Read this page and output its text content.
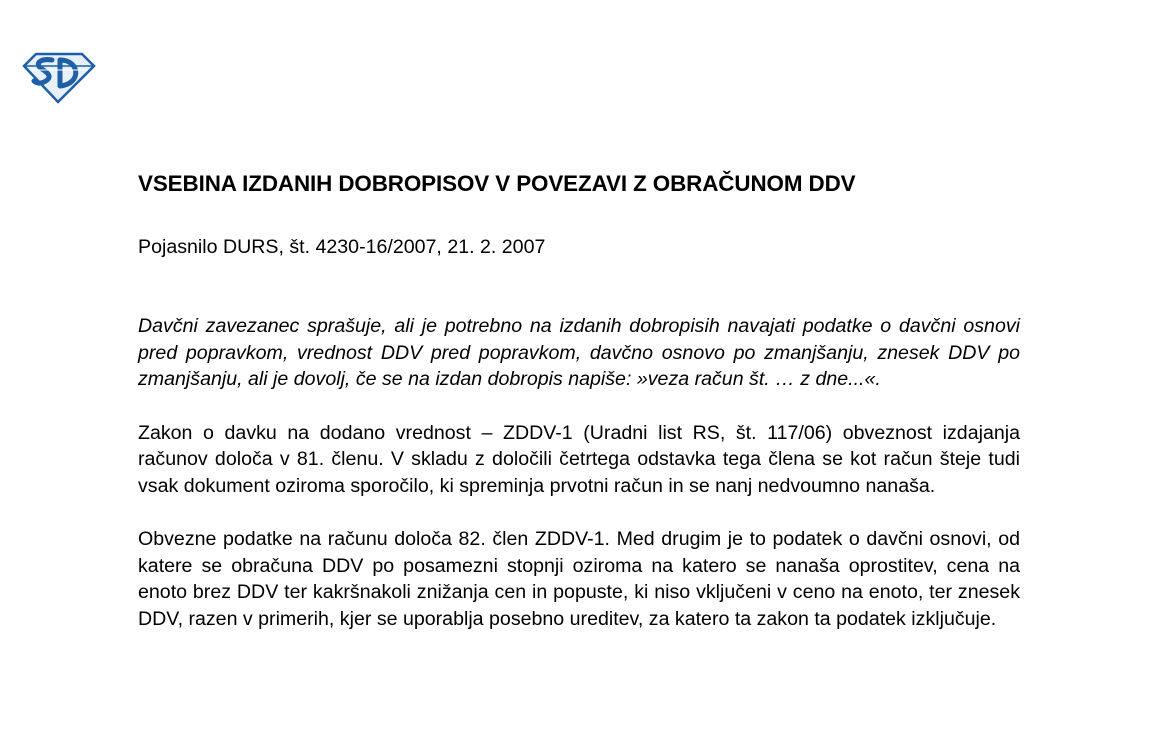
VSEBINA IZDANIH DOBROPISOV V POVEZAVI Z OBRAČUNOM DDV

Pojasnilo DURS, št. 4230-16/2007, 21. 2. 2007

Davčni zavezanec sprašuje, ali je potrebno na izdanih dobropisih navajati podatke o davčni osnovi pred popravkom, vrednost DDV pred popravkom, davčno osnovo po zmanjšanju, znesek DDV po zmanjšanju, ali je dovolj, če se na izdan dobropis napiše: »veza račun št. … z dne...«.

Zakon o davku na dodano vrednost – ZDDV-1 (Uradni list RS, št. 117/06) obveznost izdajanja računov določa v 81. členu. V skladu z določili četrtega odstavka tega člena se kot račun šteje tudi vsak dokument oziroma sporočilo, ki spreminja prvotni račun in se nanj nedvoumno nanaša.

Obvezne podatke na računu določa 82. člen ZDDV-1. Med drugim je to podatek o davčni osnovi, od katere se obračuna DDV po posamezni stopnji oziroma na katero se nanaša oprostitev, cena na enoto brez DDV ter kakršnakoli znižanja cen in popuste, ki niso vključeni v ceno na enoto, ter znesek DDV, razen v primerih, kjer se uporablja posebno ureditev, za katero ta zakon ta podatek izključuje.
